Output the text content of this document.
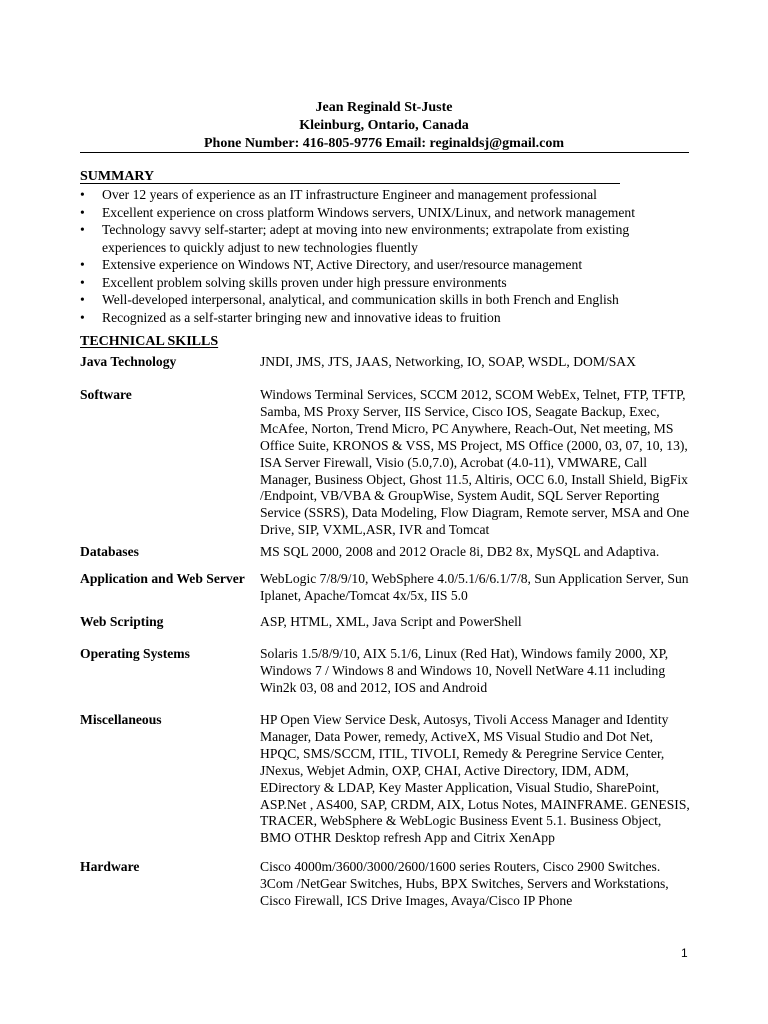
Jean Reginald St-Juste
Kleinburg, Ontario, Canada
Phone Number: 416-805-9776 Email: reginaldsj@gmail.com
SUMMARY
• Over 12 years of experience as an IT infrastructure Engineer and management professional
• Excellent experience on cross platform Windows servers, UNIX/Linux, and network management
• Technology savvy self-starter; adept at moving into new environments; extrapolate from existing experiences to quickly adjust to new technologies fluently
• Extensive experience on Windows NT, Active Directory, and user/resource management
• Excellent problem solving skills proven under high pressure environments
• Well-developed interpersonal, analytical, and communication skills in both French and English
• Recognized as a self-starter bringing new and innovative ideas to fruition
TECHNICAL SKILLS
Java Technology	JNDI, JMS, JTS, JAAS, Networking, IO, SOAP, WSDL, DOM/SAX
Software	Windows Terminal Services, SCCM 2012, SCOM WebEx, Telnet, FTP, TFTP, Samba, MS Proxy Server, IIS Service, Cisco IOS, Seagate Backup, Exec, McAfee, Norton, Trend Micro, PC Anywhere, Reach-Out, Net meeting, MS Office Suite, KRONOS & VSS, MS Project, MS Office (2000, 03, 07, 10, 13), ISA Server Firewall, Visio (5.0,7.0), Acrobat (4.0-11), VMWARE, Call Manager, Business Object, Ghost 11.5, Altiris, OCC 6.0, Install Shield, BigFix /Endpoint, VB/VBA & GroupWise, System Audit, SQL Server Reporting Service (SSRS), Data Modeling, Flow Diagram, Remote server, MSA and One Drive, SIP, VXML,ASR, IVR and Tomcat
Databases	MS SQL 2000, 2008 and 2012 Oracle 8i, DB2 8x, MySQL and Adaptiva.
Application and Web Server	WebLogic 7/8/9/10, WebSphere 4.0/5.1/6/6.1/7/8, Sun Application Server, Sun Iplanet, Apache/Tomcat 4x/5x, IIS 5.0
Web Scripting	ASP, HTML, XML, Java Script and PowerShell
Operating Systems	Solaris 1.5/8/9/10, AIX 5.1/6, Linux (Red Hat), Windows family 2000, XP, Windows 7 / Windows 8 and Windows 10, Novell NetWare 4.11 including Win2k 03, 08 and 2012, IOS and Android
Miscellaneous	HP Open View Service Desk, Autosys, Tivoli Access Manager and Identity Manager, Data Power, remedy, ActiveX, MS Visual Studio and Dot Net, HPQC, SMS/SCCM, ITIL, TIVOLI, Remedy & Peregrine Service Center, JNexus, Webjet Admin, OXP, CHAI, Active Directory, IDM, ADM, EDirectory & LDAP, Key Master Application, Visual Studio, SharePoint, ASP.Net , AS400, SAP, CRDM, AIX, Lotus Notes, MAINFRAME. GENESIS, TRACER, WebSphere & WebLogic Business Event 5.1. Business Object, BMO OTHR Desktop refresh App and Citrix XenApp
Hardware	Cisco 4000m/3600/3000/2600/1600 series Routers, Cisco 2900 Switches. 3Com /NetGear Switches, Hubs, BPX Switches, Servers and Workstations, Cisco Firewall, ICS Drive Images, Avaya/Cisco IP Phone
1
